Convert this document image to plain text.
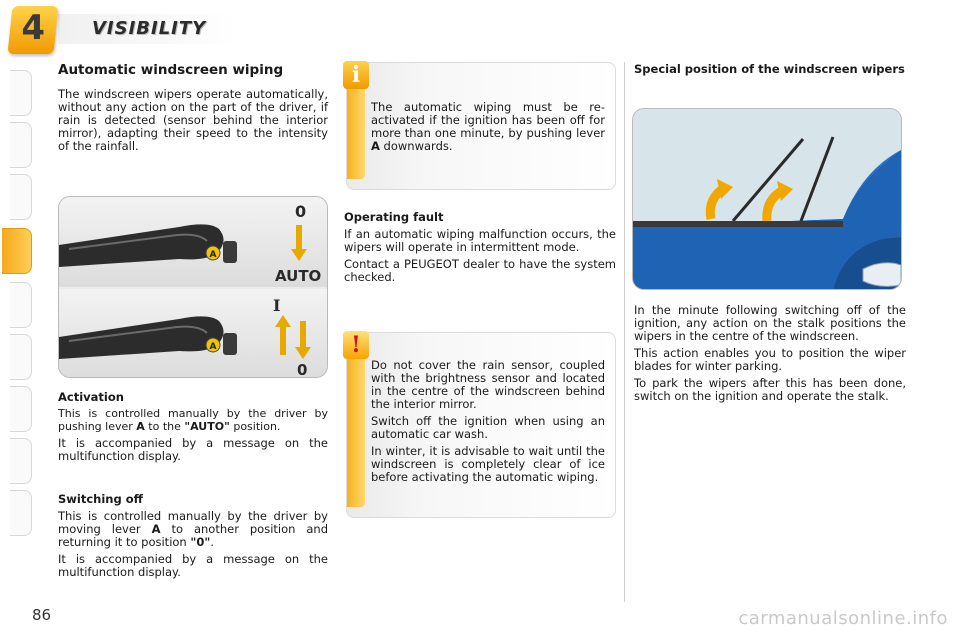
4	VISIBILITY
Automatic windscreen wiping

The windscreen wipers operate automatically, without any action on the part of the driver, if rain is detected (sensor behind the interior mirror), adapting their speed to the intensity of the rainfall.

A
0
AUTO
A
I
0
Activation

This is controlled manually by the driver by pushing lever A to the "AUTO" position.

It is accompanied by a message on the multifunction display.

Switching off

This is controlled manually by the driver by moving lever A to another position and returning it to position "0".

It is accompanied by a message on the multifunction display.

i

The automatic wiping must be re-activated if the ignition has been off for more than one minute, by pushing lever A downwards.

Operating fault

If an automatic wiping malfunction occurs, the wipers will operate in intermittent mode.

Contact a PEUGEOT dealer to have the system checked.

!

Do not cover the rain sensor, coupled with the brightness sensor and located in the centre of the windscreen behind the interior mirror.

Switch off the ignition when using an automatic car wash.

In winter, it is advisable to wait until the windscreen is completely clear of ice before activating the automatic wiping.

Special position of the windscreen wipers

In the minute following switching off of the ignition, any action on the stalk positions the wipers in the centre of the windscreen.

This action enables you to position the wiper blades for winter parking.

To park the wipers after this has been done, switch on the ignition and operate the stalk.

86	carmanualsonline.info
